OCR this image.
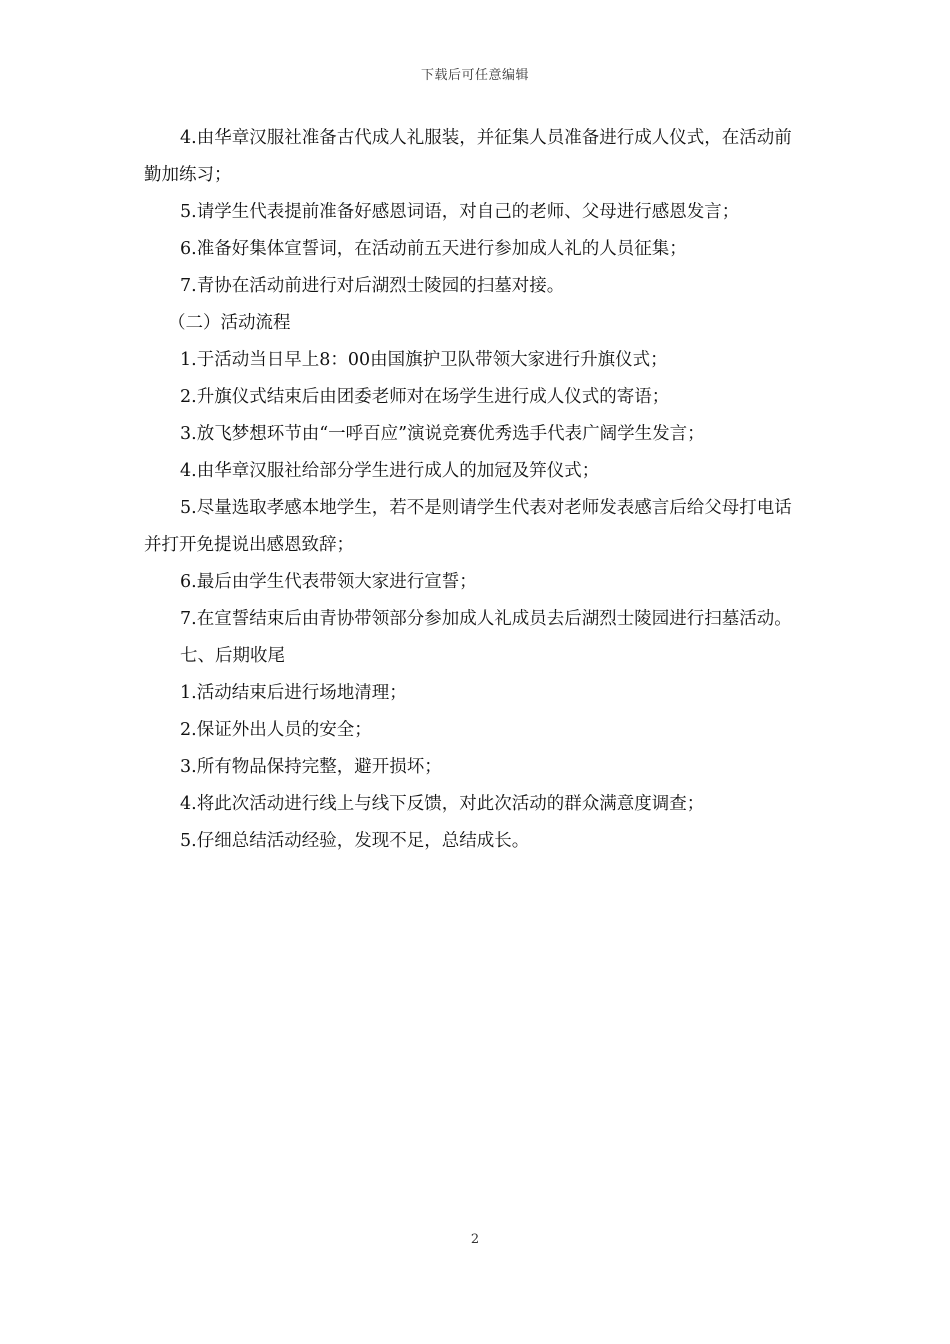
下载后可任意编辑

4.由华章汉服社准备古代成人礼服装，并征集人员准备进行成人仪式，在活动前勤加练习；

5.请学生代表提前准备好感恩词语，对自己的老师、父母进行感恩发言；

6.准备好集体宣誓词，在活动前五天进行参加成人礼的人员征集；

7.青协在活动前进行对后湖烈士陵园的扫墓对接。

（二）活动流程

1.于活动当日早上8：00由国旗护卫队带领大家进行升旗仪式；

2.升旗仪式结束后由团委老师对在场学生进行成人仪式的寄语；

3.放飞梦想环节由“一呼百应”演说竞赛优秀选手代表广阔学生发言；

4.由华章汉服社给部分学生进行成人的加冠及笄仪式；

5.尽量选取孝感本地学生，若不是则请学生代表对老师发表感言后给父母打电话并打开免提说出感恩致辞；

6.最后由学生代表带领大家进行宣誓；

7.在宣誓结束后由青协带领部分参加成人礼成员去后湖烈士陵园进行扫墓活动。

七、后期收尾

1.活动结束后进行场地清理；

2.保证外出人员的安全；

3.所有物品保持完整，避开损坏；

4.将此次活动进行线上与线下反馈，对此次活动的群众满意度调查；

5.仔细总结活动经验，发现不足，总结成长。

2
